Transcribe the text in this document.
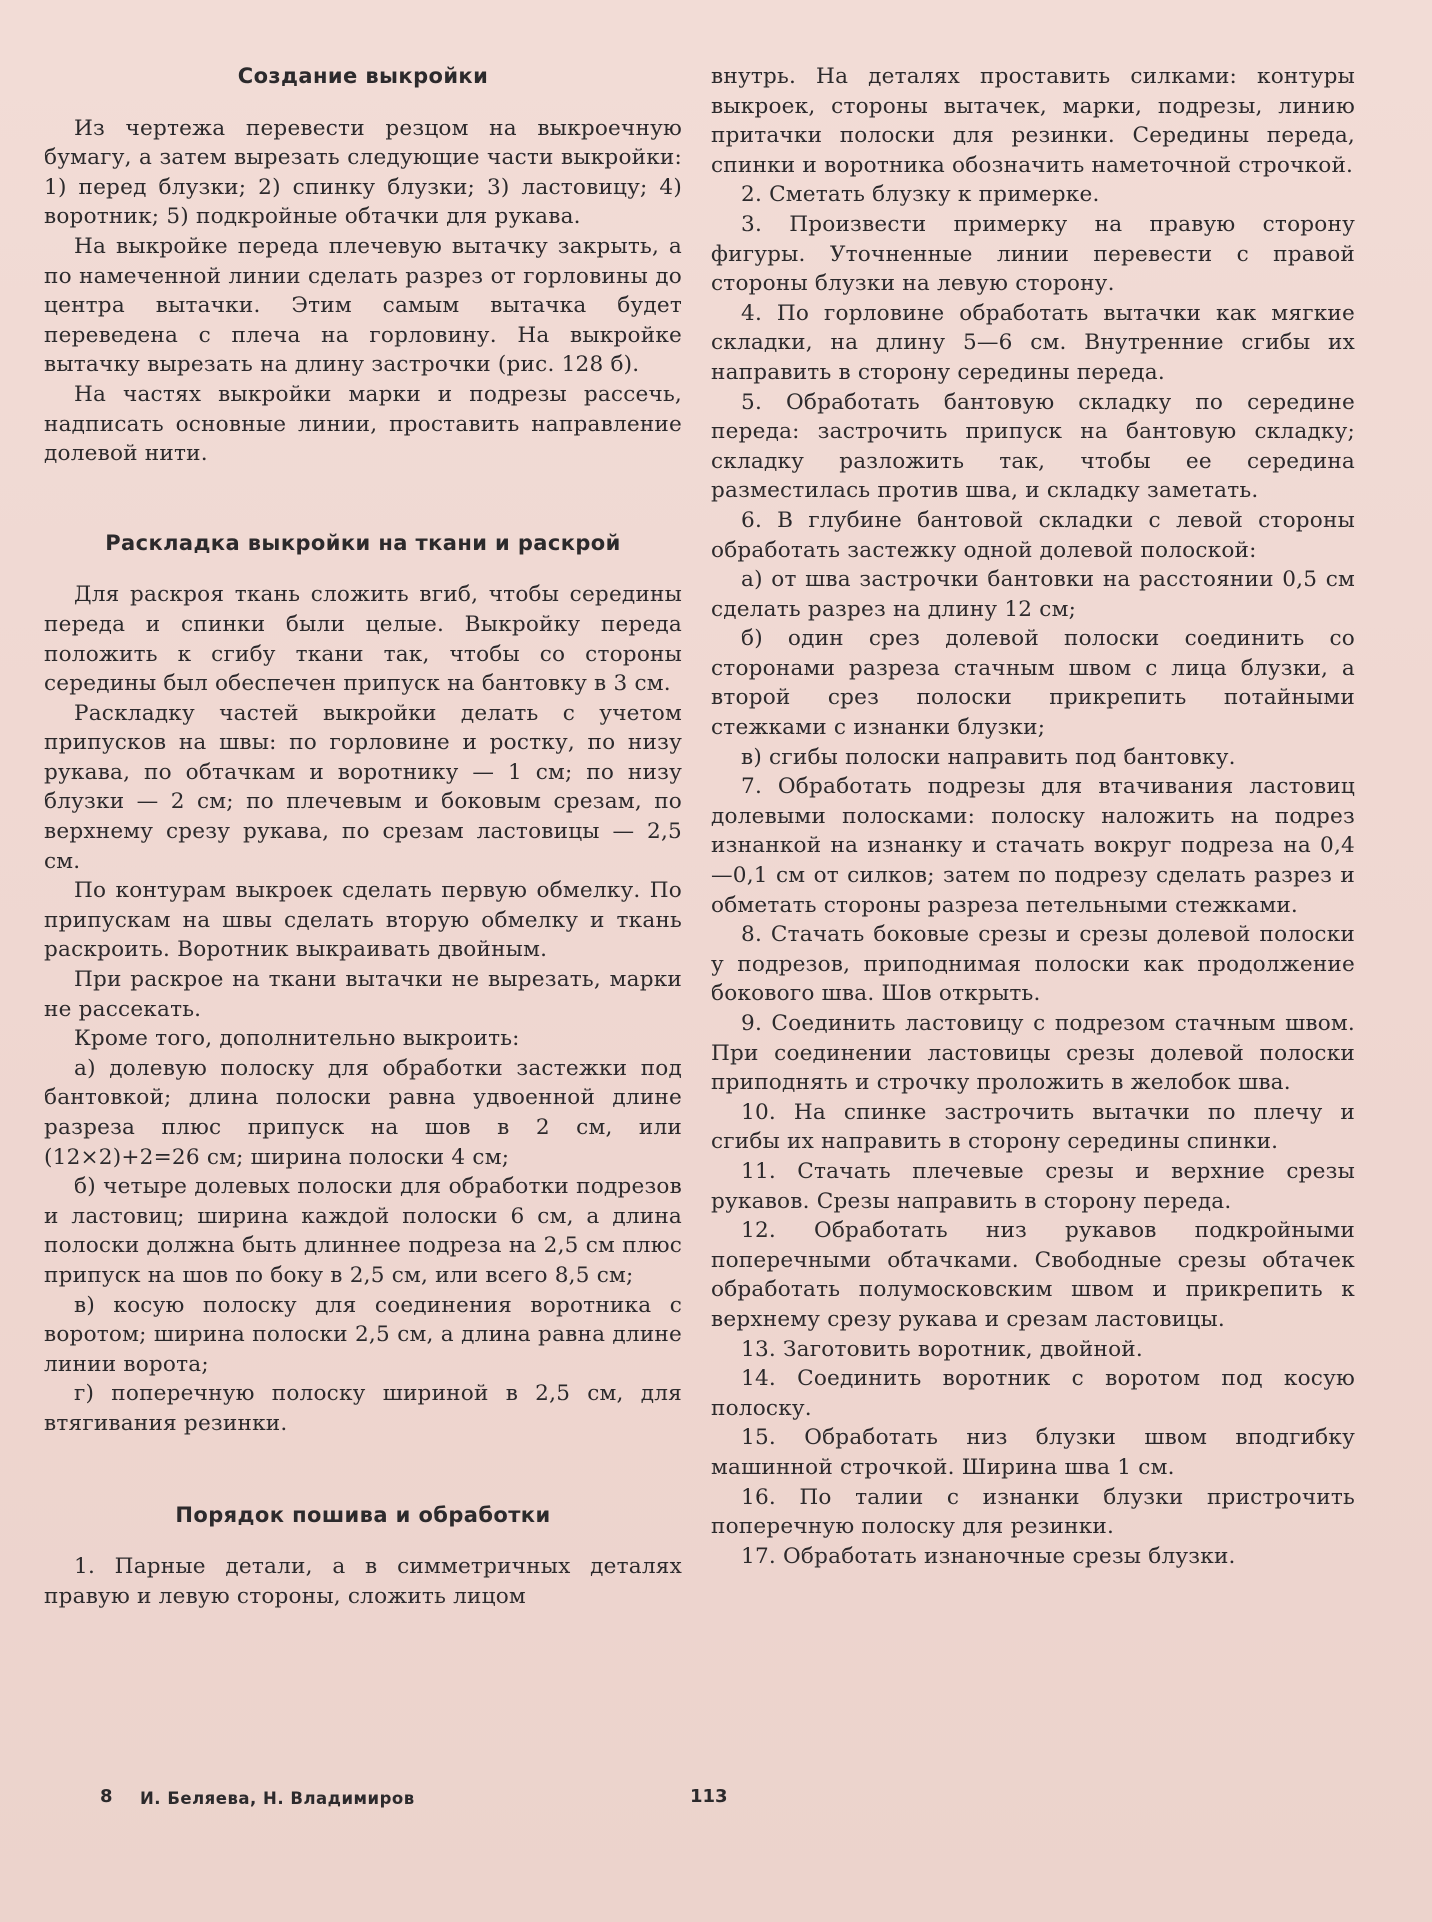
Создание выкройки

Из чертежа перевести резцом на выкроечную бумагу, а затем вырезать следующие части выкройки: 1) перед блузки; 2) спинку блузки; 3) ластовицу; 4) воротник; 5) подкройные обтачки для рукава.

На выкройке переда плечевую вытачку закрыть, а по намеченной линии сделать разрез от горловины до центра вытачки. Этим самым вытачка будет переведена с плеча на горловину. На выкройке вытачку вырезать на длину застрочки (рис. 128 б).

На частях выкройки марки и подрезы рассечь, надписать основные линии, проставить направление долевой нити.

Раскладка выкройки на ткани и раскрой

Для раскроя ткань сложить вгиб, чтобы середины переда и спинки были целые. Выкройку переда положить к сгибу ткани так, чтобы со стороны середины был обеспечен припуск на бантовку в 3 см.

Раскладку частей выкройки делать с учетом припусков на швы: по горловине и ростку, по низу рукава, по обтачкам и воротнику — 1 см; по низу блузки — 2 см; по плечевым и боковым срезам, по верхнему срезу рукава, по срезам ластовицы — 2,5 см.

По контурам выкроек сделать первую обмелку. По припускам на швы сделать вторую обмелку и ткань раскроить. Воротник выкраивать двойным.

При раскрое на ткани вытачки не вырезать, марки не рассекать.

Кроме того, дополнительно выкроить:

а) долевую полоску для обработки застежки под бантовкой; длина полоски равна удвоенной длине разреза плюс припуск на шов в 2 см, или (12×2)+2=26 см; ширина полоски 4 см;

б) четыре долевых полоски для обработки подрезов и ластовиц; ширина каждой полоски 6 см, а длина полоски должна быть длиннее подреза на 2,5 см плюс припуск на шов по боку в 2,5 см, или всего 8,5 см;

в) косую полоску для соединения воротника с воротом; ширина полоски 2,5 см, а длина равна длине линии ворота;

г) поперечную полоску шириной в 2,5 см, для втягивания резинки.

Порядок пошива и обработки

1. Парные детали, а в симметричных деталях правую и левую стороны, сложить лицом

внутрь. На деталях проставить силками: контуры выкроек, стороны вытачек, марки, подрезы, линию притачки полоски для резинки. Середины переда, спинки и воротника обозначить наметочной строчкой.

2. Сметать блузку к примерке.

3. Произвести примерку на правую сторону фигуры. Уточненные линии перевести с правой стороны блузки на левую сторону.

4. По горловине обработать вытачки как мягкие складки, на длину 5—6 см. Внутренние сгибы их направить в сторону середины переда.

5. Обработать бантовую складку по середине переда: застрочить припуск на бантовую складку; складку разложить так, чтобы ее середина разместилась против шва, и складку заметать.

6. В глубине бантовой складки с левой стороны обработать застежку одной долевой полоской:

а) от шва застрочки бантовки на расстоянии 0,5 см сделать разрез на длину 12 см;

б) один срез долевой полоски соединить со сторонами разреза стачным швом с лица блузки, а второй срез полоски прикрепить потайными стежками с изнанки блузки;

в) сгибы полоски направить под бантовку.

7. Обработать подрезы для втачивания ластовиц долевыми полосками: полоску наложить на подрез изнанкой на изнанку и стачать вокруг подреза на 0,4—0,1 см от силков; затем по подрезу сделать разрез и обметать стороны разреза петельными стежками.

8. Стачать боковые срезы и срезы долевой полоски у подрезов, приподнимая полоски как продолжение бокового шва. Шов открыть.

9. Соединить ластовицу с подрезом стачным швом. При соединении ластовицы срезы долевой полоски приподнять и строчку проложить в желобок шва.

10. На спинке застрочить вытачки по плечу и сгибы их направить в сторону середины спинки.

11. Стачать плечевые срезы и верхние срезы рукавов. Срезы направить в сторону переда.

12. Обработать низ рукавов подкройными поперечными обтачками. Свободные срезы обтачек обработать полумосковским швом и прикрепить к верхнему срезу рукава и срезам ластовицы.

13. Заготовить воротник, двойной.

14. Соединить воротник с воротом под косую полоску.

15. Обработать низ блузки швом вподгибку машинной строчкой. Ширина шва 1 см.

16. По талии с изнанки блузки пристрочить поперечную полоску для резинки.

17. Обработать изнаночные срезы блузки.

8 И. Беляева, Н. Владимиров	113
